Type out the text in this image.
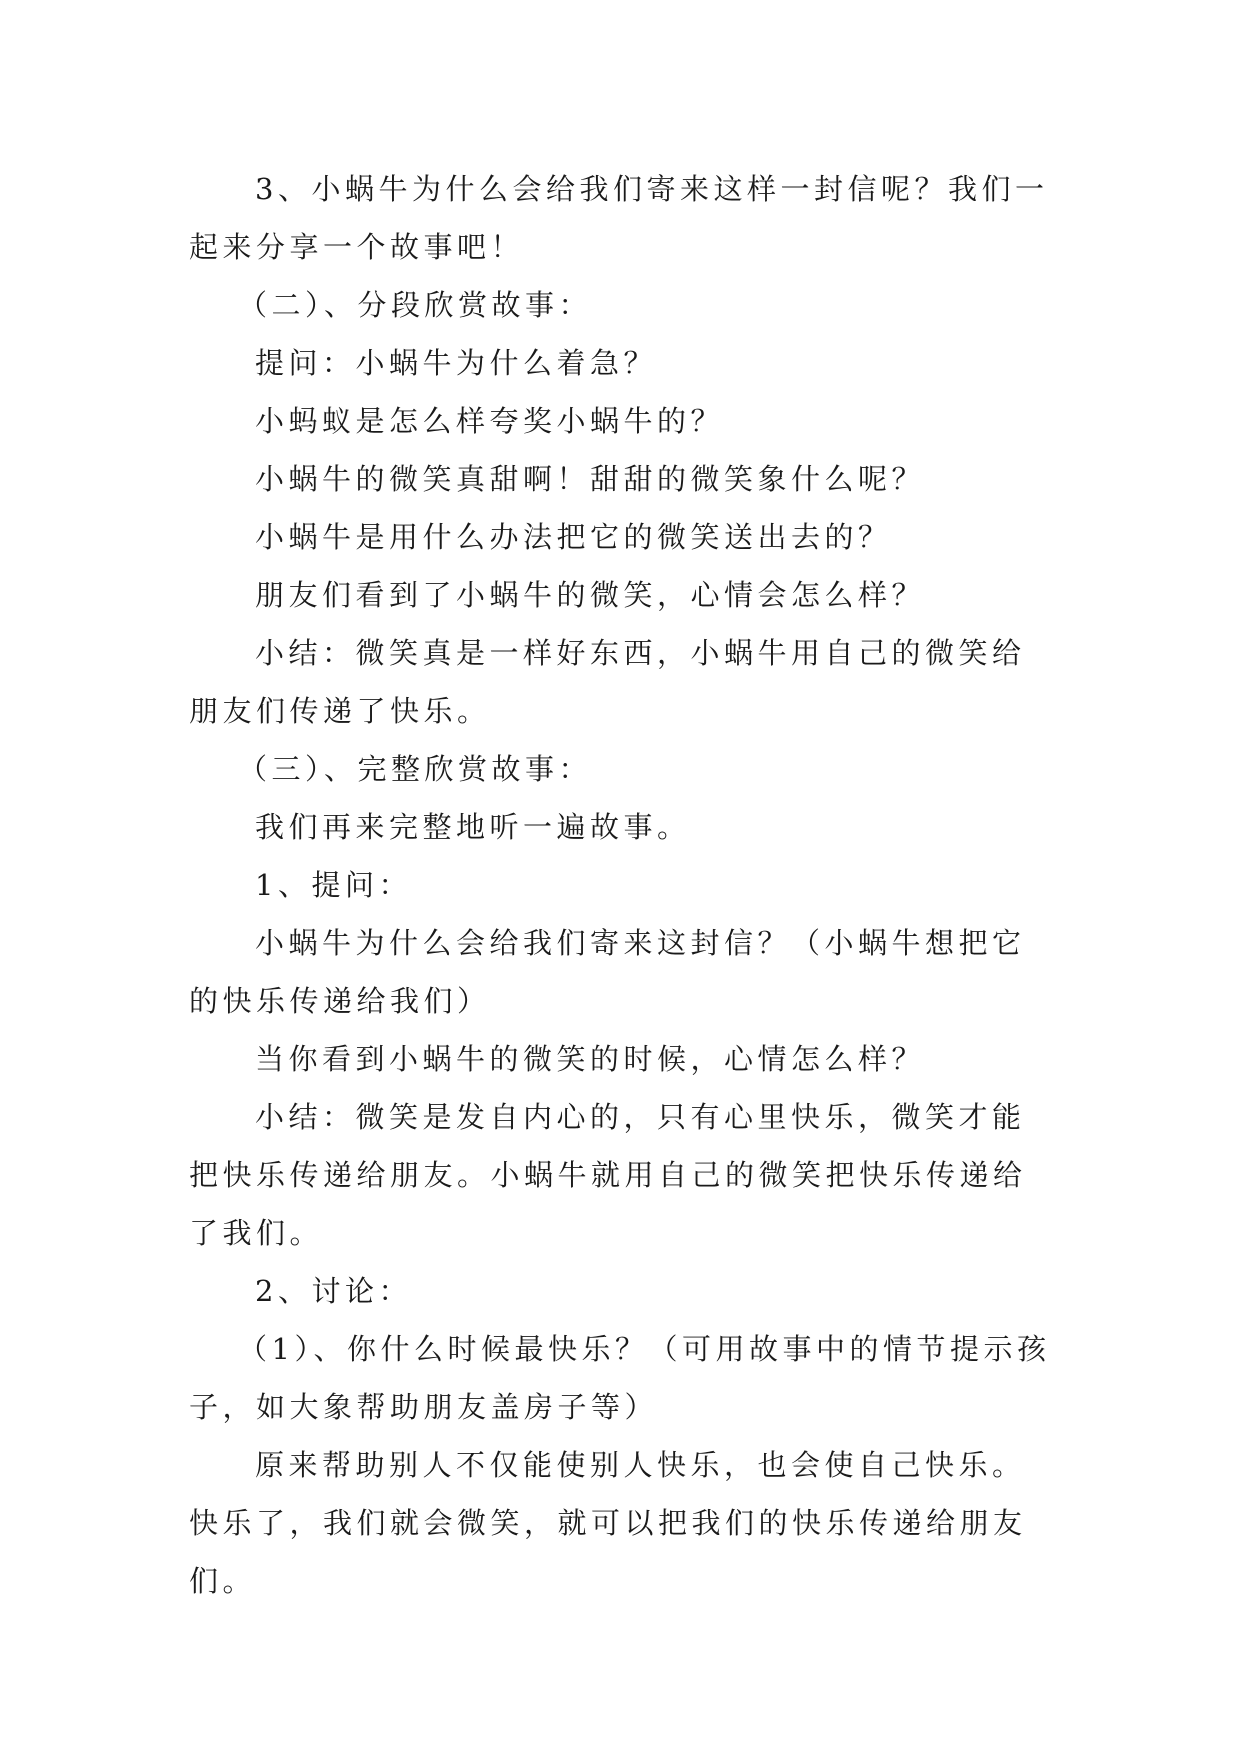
3、小蜗牛为什么会给我们寄来这样一封信呢？我们一起来分享一个故事吧！

（二）、分段欣赏故事：

提问：小蜗牛为什么着急？

小蚂蚁是怎么样夸奖小蜗牛的？

小蜗牛的微笑真甜啊！甜甜的微笑象什么呢？

小蜗牛是用什么办法把它的微笑送出去的？

朋友们看到了小蜗牛的微笑，心情会怎么样？

小结：微笑真是一样好东西，小蜗牛用自己的微笑给朋友们传递了快乐。

（三）、完整欣赏故事：

我们再来完整地听一遍故事。

1、提问：

小蜗牛为什么会给我们寄来这封信？（小蜗牛想把它的快乐传递给我们）

当你看到小蜗牛的微笑的时候，心情怎么样？

小结：微笑是发自内心的，只有心里快乐，微笑才能把快乐传递给朋友。小蜗牛就用自己的微笑把快乐传递给了我们。

2、讨论：

（1）、你什么时候最快乐？（可用故事中的情节提示孩子，如大象帮助朋友盖房子等）

原来帮助别人不仅能使别人快乐，也会使自己快乐。快乐了，我们就会微笑，就可以把我们的快乐传递给朋友们。
